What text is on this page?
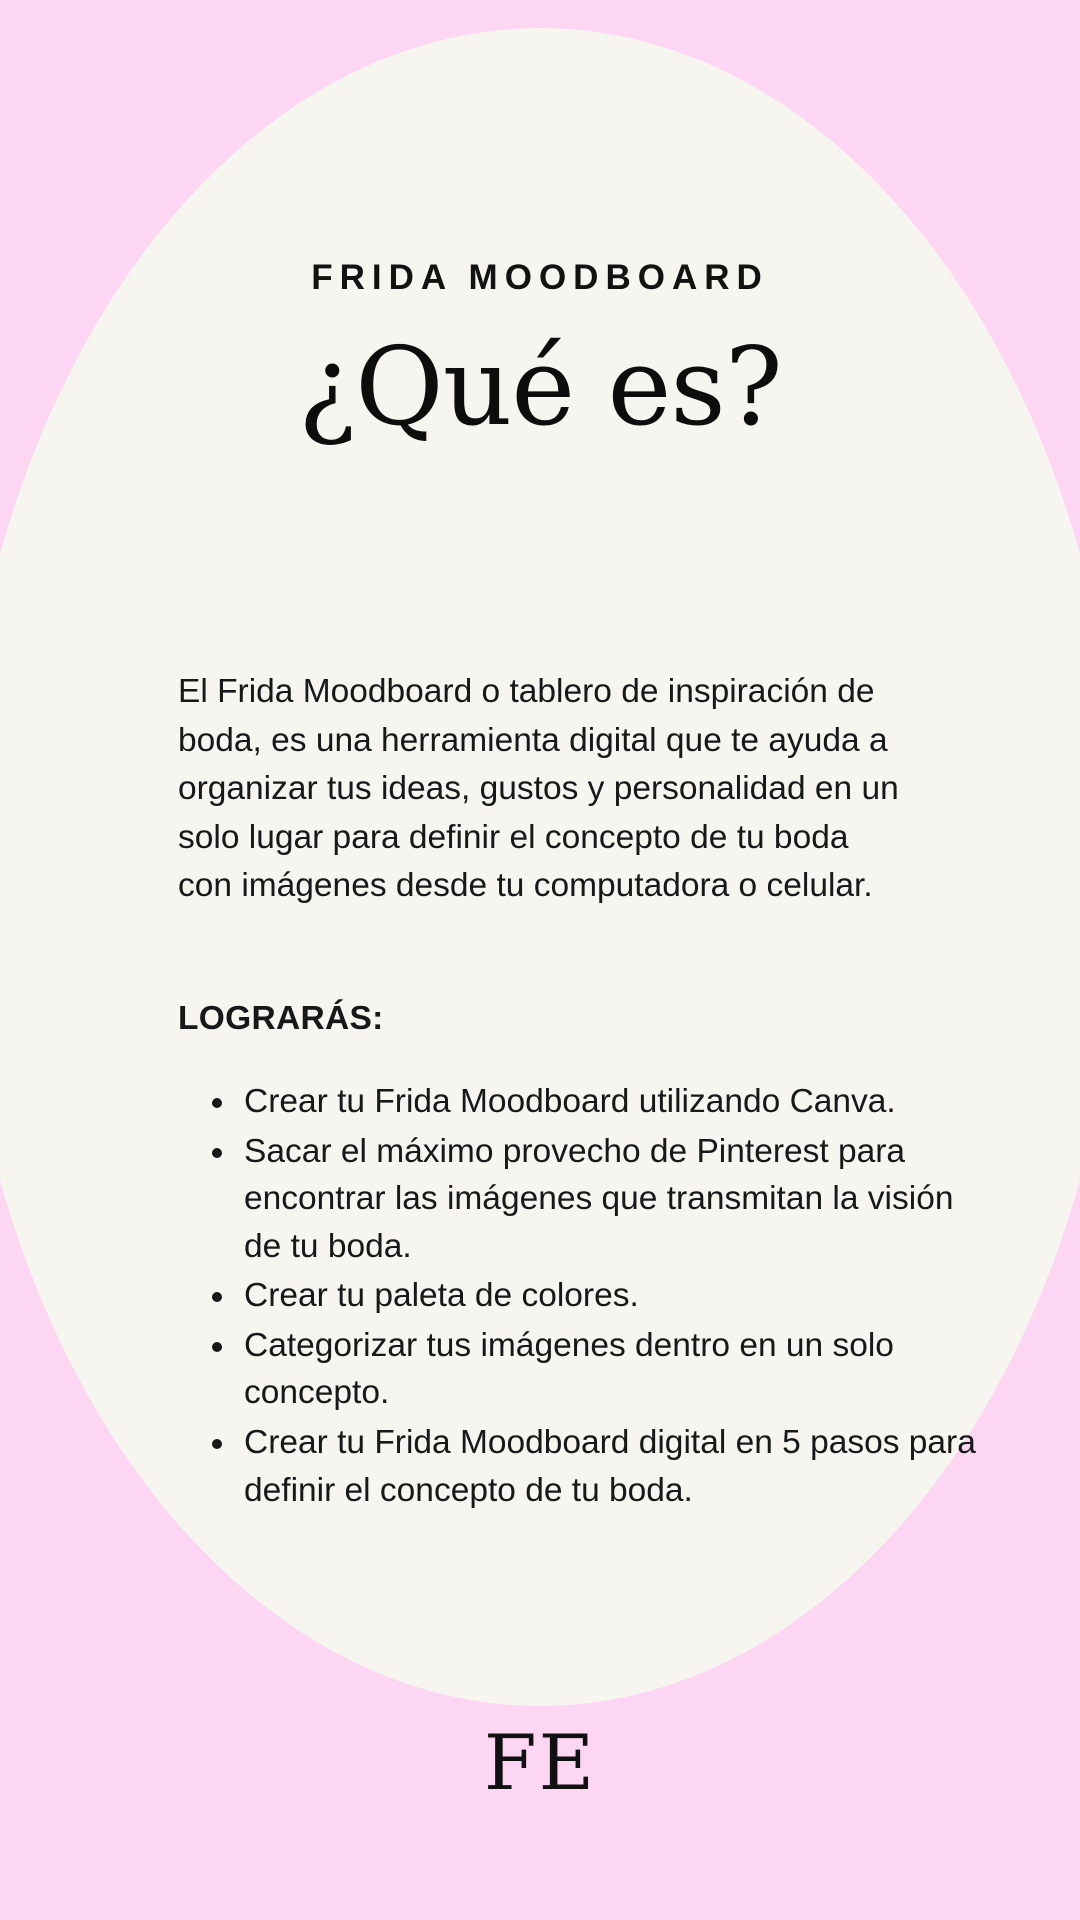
FRIDA MOODBOARD
¿Qué es?
El Frida Moodboard o tablero de inspiración de boda, es una herramienta digital que te ayuda a organizar tus ideas, gustos y personalidad en un solo lugar para definir el concepto de tu boda con imágenes desde tu computadora o celular.
LOGRARÁS:
• Crear tu Frida Moodboard utilizando Canva.
• Sacar el máximo provecho de Pinterest para encontrar las imágenes que transmitan la visión de tu boda.
• Crear tu paleta de colores.
• Categorizar tus imágenes dentro en un solo concepto.
• Crear tu Frida Moodboard digital en 5 pasos para definir el concepto de tu boda.
FE
